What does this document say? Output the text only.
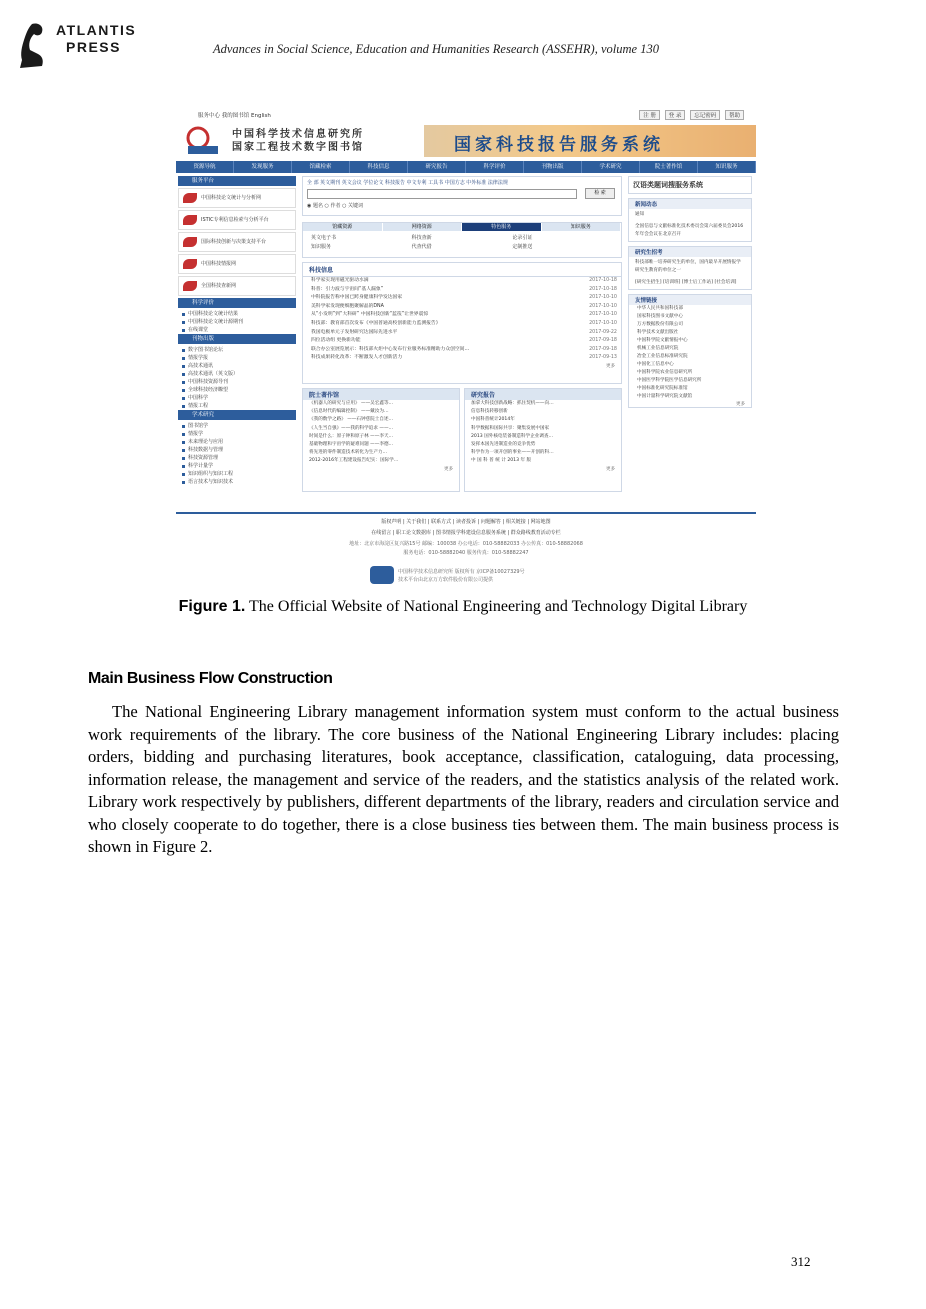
ATLANTIS
PRESS	Advances in Social Science, Education and Humanities Research (ASSEHR), volume 130
服务中心 我的图书馆 English	注 册 登 录 忘记密码 帮助
中国科学技术信息研究所
国家工程技术数字图书馆	国家科技报告服务系统
资源导航	发现服务	馆藏检索	科技信息	研究报告	科学评价	刊物出版	学术研究	院士著作馆	知识服务
服务平台
中国科技论文统计与分析网
ISTIC专利信息检索与分析平台
国际科技创新与决策支持平台
中国科技情报网
全国科技查新网
科学评价
中国科技论文统计结果
中国科技论文统计源期刊
在线课堂
刊物出版
数字图书馆论坛
情报学报
高技术通讯
高技术通讯（英文版）
中国科技资源导刊
全球科技经济瞭望
中国科学
情报工程
学术研究
图书馆学
情报学
未来理论与应用
科技数据与管理
科技资源管理
科学计量学
知识组织与知识工程
语言技术与知识技术
全 部 英文期刊 英文会议 学位论文 科技报告 中文专利 工具书 中国方志 中外标准 法律法规
检 索
◉ 题名 ○ 作者 ○ 关键词
馆藏资源	网络资源	特色服务	知识服务
英文电子书	科技查新	论录引证
知识服务	代查代借	定制推送
科技信息
科学家实现用磁光驱动水滴	2017-10-18
科普：引力波与宇宙间“基人漏象”	2017-10-18
中科院报告称中国已跨身健康科学发达国家	2017-10-10
美科学家发现便细胞聚解晶的DNA	2017-10-10
从“小发明”到“大科研” 中国科技创新“蓝筏”让世界震惊	2017-10-10
科技部：教育部首次发布《中国普通高校创新能力监测报告》	2017-10-10
我国电极单元子发射研究达国际先进水平	2017-09-22
四位活动组 更换新功能	2017-09-18
联合办公室展览展示：科技部火炬中心发布行业服务标准精助力众创空间…	2017-09-18
科技成果转化改革：不断激发人才创新活力	2017-09-13
更多
院士著作馆
《机器人的研究与应用》 ——吴宏鑫等…
《信息时代的编辑控制》 ——戴汝为…
《我的数学之路》 ——石钟慈院士自述…
《人生当自强》——我的科学追求 ——…
时间是什么：原子钟和原子林 ——李天…
基础物理和宇宙学的疑难问题 ——李德…
将先进的零件制造技术转化为生产力…
2012-2016年工程建设报告纪实：国际学…
更多
研究报告
加拿大科技创新战略：抓住契机——向…
信息科技转移创新
中国科普统计2014年
科学数据和国际共享：聚集发展中国家
2013 国外核电装备制造科学企业调查…
发挥本国先进制造业的竞争优势
科学作为一项开创的事业——开创的科…
中 国 科 普 统 计 2013 年 版
更多
汉语类题词搜服务系统
新闻动态
通知
全国信息与文献标准化技术委员会第六届委员会2016年年会会议在北京召开
研究生招考
科技部唯一培养研究生的单位，国内最早开展情报学研究生教育的单位之一
[研究生招生] [培训班] [博士后工作站] [社会培训]
友情链接
中华人民共和国科技部
国家科技图书文献中心
万方数据股份有限公司
科学技术文献出版社
中国科学院文献情报中心
机械工业信息研究院
冶金工业信息标准研究院
中国化工信息中心
中国科学院农业信息研究所
中国医学科学院医学信息研究所
中国标准化研究院标准馆
中国计量科学研究院文献馆
更多
版权声明 | 关于我们 | 联系方式 | 读者投诉 | 问题解答 | 相关链接 | 网站地图
在线留言 | 职工论文数据库 | 图书情报学科建设信息服务系统 | 群众路线教育活动专栏
地址：北京市海淀区复兴路15号 邮编：100038 办公电话：010-58882033 办公传真：010-58882068
服务电话：010-58882040 服务传真：010-58882247
中国科学技术信息研究所 版权所有 京ICP备10027329号
技术平台由北京万方软件股份有限公司提供
Figure 1. The Official Website of National Engineering and Technology Digital Library
Main Business Flow Construction
The National Engineering Library management information system must conform to the actual business work requirements of the library. The core business of the National Engineering Library includes: placing orders, bidding and purchasing literatures, book acceptance, classification, cataloguing, data processing, information release, the management and service of the readers, and the statistics analysis of the related work. Library work respectively by publishers, different departments of the library, readers and circulation service and who closely cooperate to do together, there is a close business ties between them. The main business process is shown in Figure 2.
312
